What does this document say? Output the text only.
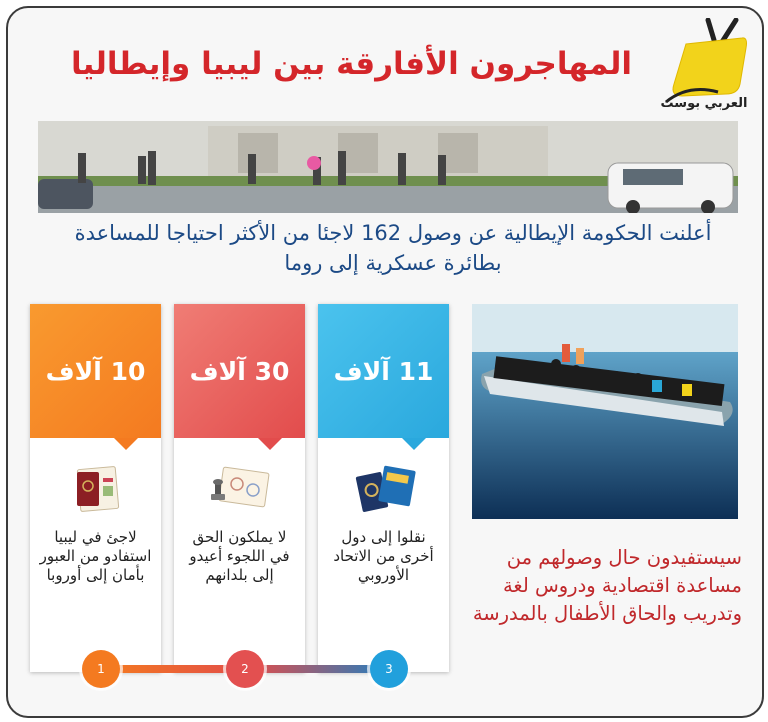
المهاجرون الأفارقة بين ليبيا وإيطاليا
العربي بوست
أعلنت الحكومة الإيطالية عن وصول 162 لاجئا من الأكثر احتياجا للمساعدة بطائرة عسكرية إلى روما
11 آلاف
نقلوا إلى دول أخرى من الاتحاد الأوروبي
30 آلاف
لا يملكون الحق في اللجوء أعيدو إلى بلدانهم
10 آلاف
لاجئ في ليبيا استفادو من العبور بأمان إلى أوروبا
سيستفيدون حال وصولهم من مساعدة اقتصادية ودروس لغة وتدريب والحاق الأطفال بالمدرسة
1	2	3
